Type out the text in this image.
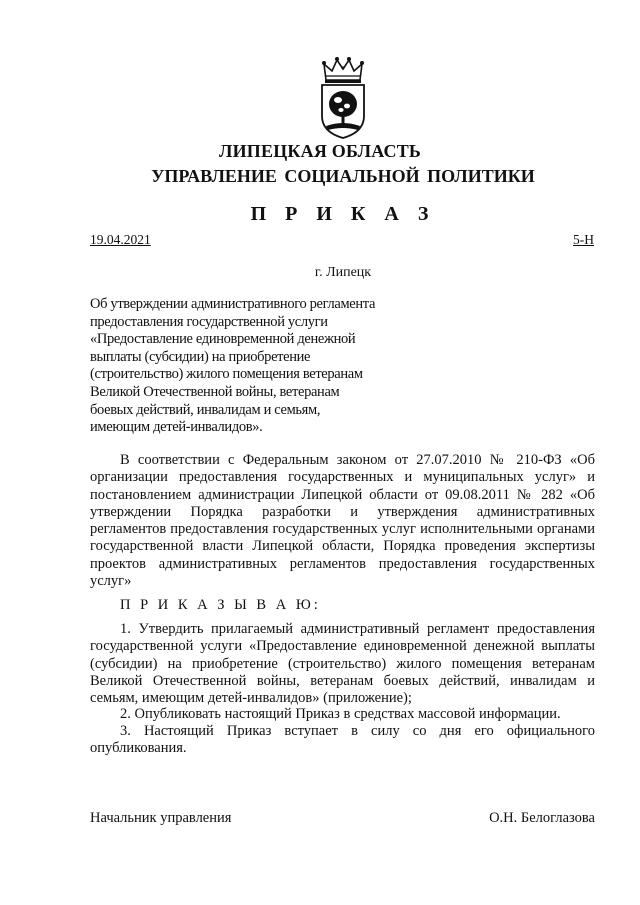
ЛИПЕЦКАЯ ОБЛАСТЬ
УПРАВЛЕНИЕ СОЦИАЛЬНОЙ ПОЛИТИКИ
П Р И К А З
19.04.2021	5-Н
г. Липецк
Об утверждении административного регламента
предоставления государственной услуги
«Предоставление единовременной денежной
выплаты (субсидии) на приобретение
(строительство) жилого помещения ветеранам
Великой Отечественной войны, ветеранам
боевых действий, инвалидам и семьям,
имеющим детей-инвалидов».
В соответствии с Федеральным законом от 27.07.2010 № 210-ФЗ «Об организации предоставления государственных и муниципальных услуг» и постановлением администрации Липецкой области от 09.08.2011 № 282 «Об утверждении Порядка разработки и утверждения административных регламентов предоставления государственных услуг исполнительными органами государственной власти Липецкой области, Порядка проведения экспертизы проектов административных регламентов предоставления государственных услуг»
П Р И К А З Ы В А Ю:
1. Утвердить прилагаемый административный регламент предоставления государственной услуги «Предоставление единовременной денежной выплаты (субсидии) на приобретение (строительство) жилого помещения ветеранам Великой Отечественной войны, ветеранам боевых действий, инвалидам и семьям, имеющим детей-инвалидов» (приложение);
2. Опубликовать настоящий Приказ в средствах массовой информации.
3. Настоящий Приказ вступает в силу со дня его официального опубликования.
Начальник управления	О.Н. Белоглазова
